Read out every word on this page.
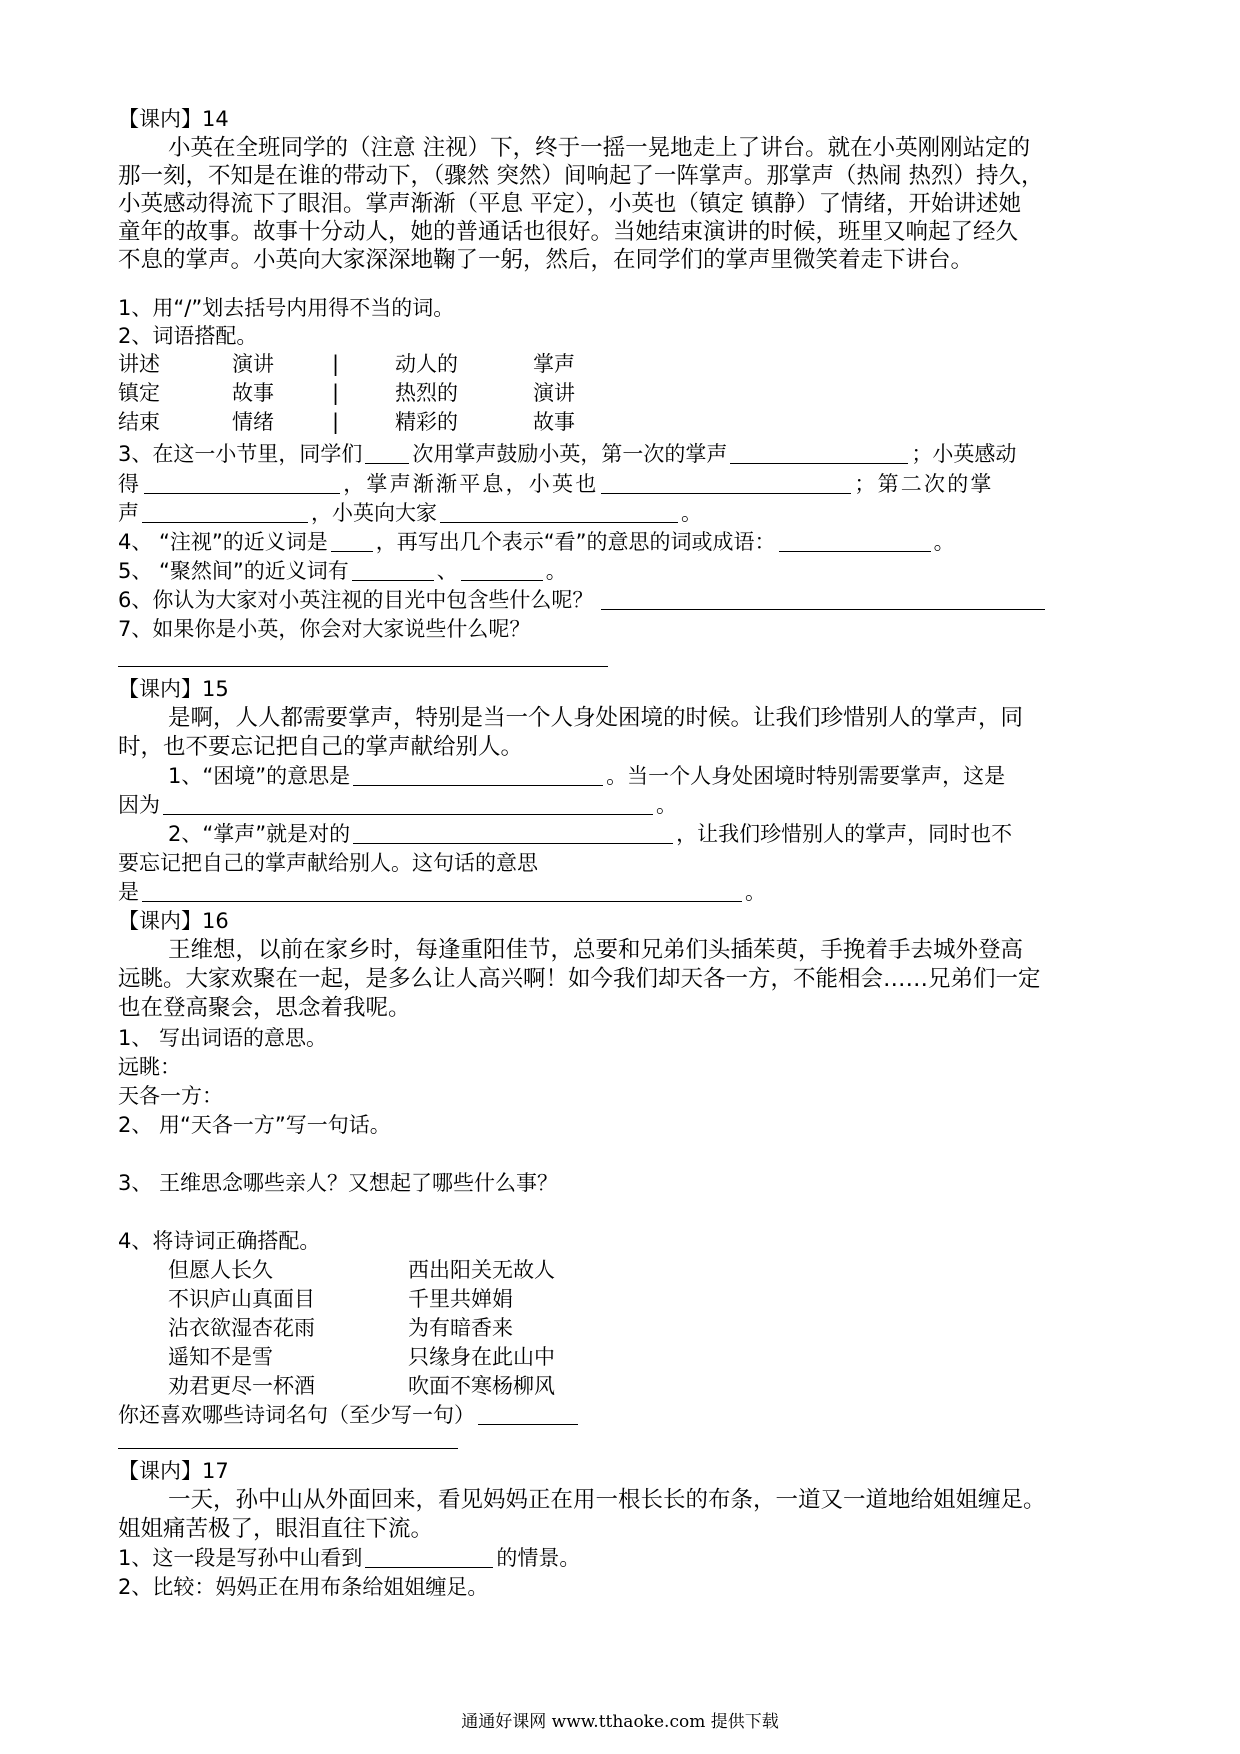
【课内】14
小英在全班同学的（注意 注视）下，终于一摇一晃地走上了讲台。就在小英刚刚站定的
那一刻，不知是在谁的带动下，（骤然 突然）间响起了一阵掌声。那掌声（热闹 热烈）持久，
小英感动得流下了眼泪。掌声渐渐（平息 平定），小英也（镇定 镇静）了情绪，开始讲述她
童年的故事。故事十分动人，她的普通话也很好。当她结束演讲的时候，班里又响起了经久
不息的掌声。小英向大家深深地鞠了一躬，然后，在同学们的掌声里微笑着走下讲台。
1、用“/”划去括号内用得不当的词。
2、词语搭配。
讲述	演讲	|	动人的	掌声
镇定	故事	|	热烈的	演讲
结束	情绪	|	精彩的	故事
3、在这一小节里，同学们 次用掌声鼓励小英，第一次的掌声	；小英感动
得	，掌声渐渐平息，小英也	；第二次的掌
声	，小英向大家	。
4、 “注视”的近义词是 ，再写出几个表示“看”的意思的词或成语：	。
5、 “聚然间”的近义词有	、	。
6、你认为大家对小英注视的目光中包含些什么呢？
7、如果你是小英，你会对大家说些什么呢？
【课内】15
是啊，人人都需要掌声，特别是当一个人身处困境的时候。让我们珍惜别人的掌声，同
时，也不要忘记把自己的掌声献给别人。
1、“困境”的意思是	。当一个人身处困境时特别需要掌声，这是
因为	。
2、“掌声”就是对的	，让我们珍惜别人的掌声，同时也不
要忘记把自己的掌声献给别人。这句话的意思
是	。
【课内】16
王维想，以前在家乡时，每逢重阳佳节，总要和兄弟们头插茱萸，手挽着手去城外登高
远眺。大家欢聚在一起，是多么让人高兴啊！如今我们却天各一方，不能相会……兄弟们一定
也在登高聚会，思念着我呢。
1、 写出词语的意思。
远眺：
天各一方：
2、 用“天各一方”写一句话。
3、 王维思念哪些亲人？又想起了哪些什么事？
4、将诗词正确搭配。
但愿人长久	西出阳关无故人
不识庐山真面目	千里共婵娟
沾衣欲湿杏花雨	为有暗香来
遥知不是雪	只缘身在此山中
劝君更尽一杯酒	吹面不寒杨柳风
你还喜欢哪些诗词名句（至少写一句）
【课内】17
一天，孙中山从外面回来，看见妈妈正在用一根长长的布条，一道又一道地给姐姐缠足。
姐姐痛苦极了，眼泪直往下流。
1、这一段是写孙中山看到	的情景。
2、比较：妈妈正在用布条给姐姐缠足。
通通好课网 www.tthaoke.com 提供下载
